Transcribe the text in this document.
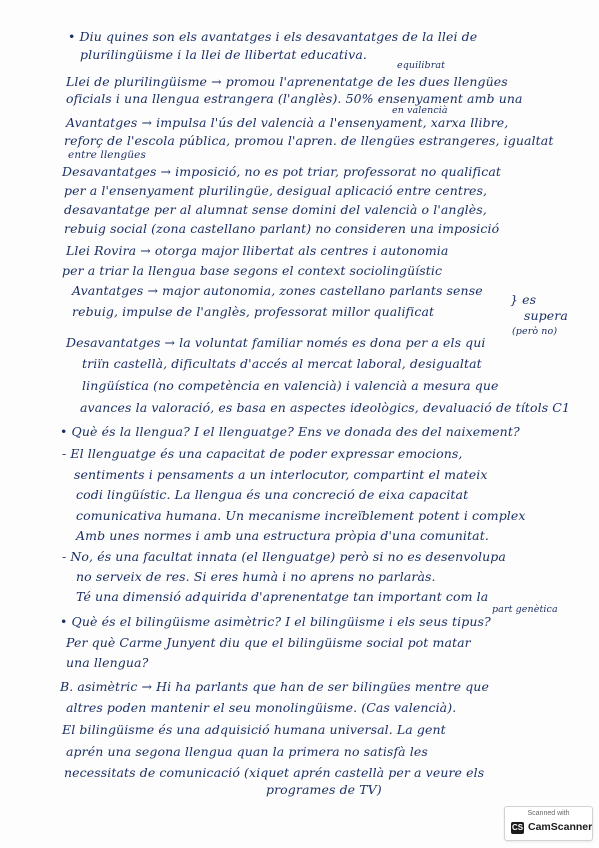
• Diu quines son els avantatges i els desavantatges de la llei de
plurilingüisme i la llei de llibertat educativa.
equilibrat
Llei de plurilingüisme → promou l'aprenentatge de les dues llengües
oficials i una llengua estrangera (l'anglès). 50% ensenyament amb una
en valencià
Avantatges → impulsa l'ús del valencià a l'ensenyament, xarxa llibre,
reforç de l'escola pública, promou l'apren. de llengües estrangeres, igualtat
entre llengües
Desavantatges → imposició, no es pot triar, professorat no qualificat
per a l'ensenyament plurilingüe, desigual aplicació entre centres,
desavantatge per al alumnat sense domini del valencià o l'anglès,
rebuig social (zona castellano parlant) no consideren una imposició
Llei Rovira → otorga major llibertat als centres i autonomia
per a triar la llengua base segons el context sociolingüístic
Avantatges → major autonomia, zones castellano parlants sense
rebuig, impulse de l'anglès, professorat millor qualificat
} es
supera
(però no)
Desavantatges → la voluntat familiar només es dona per a els qui
triïn castellà, dificultats d'accés al mercat laboral, desigualtat
lingüística (no competència en valencià) i valencià a mesura que
avances la valoració, es basa en aspectes ideològics, devaluació de títols C1
• Què és la llengua? I el llenguatge? Ens ve donada des del naixement?
- El llenguatge és una capacitat de poder expressar emocions,
sentiments i pensaments a un interlocutor, compartint el mateix
codi lingüístic. La llengua és una concreció de eixa capacitat
comunicativa humana. Un mecanisme increïblement potent i complex
Amb unes normes i amb una estructura pròpia d'una comunitat.
- No, és una facultat innata (el llenguatge) però si no es desenvolupa
no serveix de res. Si eres humà i no aprens no parlaràs.
Té una dimensió adquirida d'aprenentatge tan important com la
part genètica
• Què és el bilingüisme asimètric? I el bilingüisme i els seus tipus?
Per què Carme Junyent diu que el bilingüisme social pot matar
una llengua?
B. asimètric → Hi ha parlants que han de ser bilingües mentre que
altres poden mantenir el seu monolingüisme. (Cas valencià).
El bilingüisme és una adquisició humana universal. La gent
aprén una segona llengua quan la primera no satisfà les
necessitats de comunicació (xiquet aprén castellà per a veure els
programes de TV)
Scanned with
CS CamScanner
